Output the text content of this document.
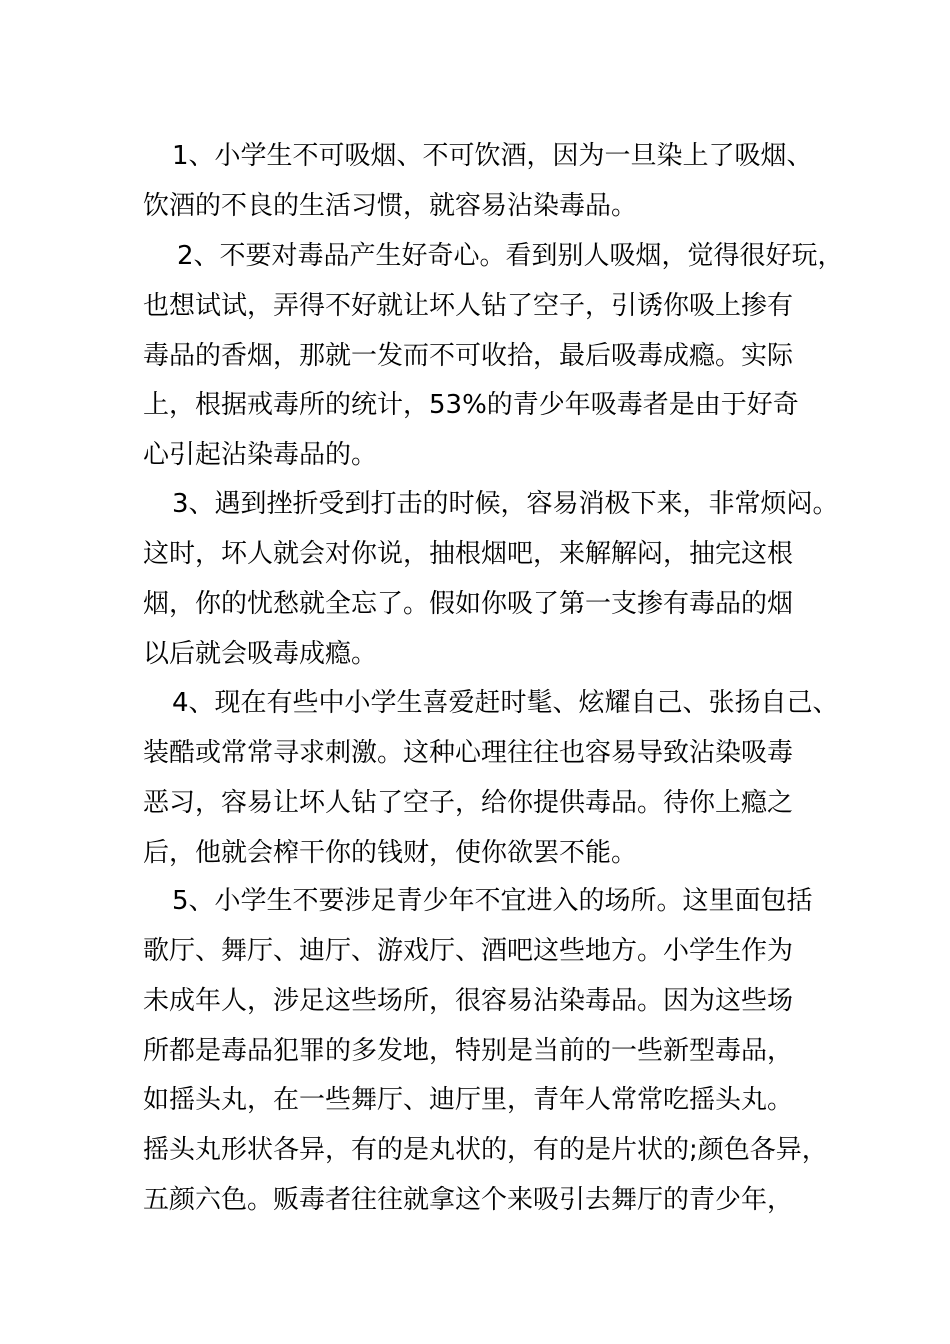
1、小学生不可吸烟、不可饮酒，因为一旦染上了吸烟、
饮酒的不良的生活习惯，就容易沾染毒品。
2、不要对毒品产生好奇心。看到别人吸烟，觉得很好玩，
也想试试，弄得不好就让坏人钻了空子，引诱你吸上掺有
毒品的香烟，那就一发而不可收拾，最后吸毒成瘾。实际
上，根据戒毒所的统计，53%的青少年吸毒者是由于好奇
心引起沾染毒品的。
3、遇到挫折受到打击的时候，容易消极下来，非常烦闷。
这时，坏人就会对你说，抽根烟吧，来解解闷，抽完这根
烟，你的忧愁就全忘了。假如你吸了第一支掺有毒品的烟
以后就会吸毒成瘾。
4、现在有些中小学生喜爱赶时髦、炫耀自己、张扬自己、
装酷或常常寻求刺激。这种心理往往也容易导致沾染吸毒
恶习，容易让坏人钻了空子，给你提供毒品。待你上瘾之
后，他就会榨干你的钱财，使你欲罢不能。
5、小学生不要涉足青少年不宜进入的场所。这里面包括
歌厅、舞厅、迪厅、游戏厅、酒吧这些地方。小学生作为
未成年人，涉足这些场所，很容易沾染毒品。因为这些场
所都是毒品犯罪的多发地，特别是当前的一些新型毒品，
如摇头丸，在一些舞厅、迪厅里，青年人常常吃摇头丸。
摇头丸形状各异，有的是丸状的，有的是片状的;颜色各异，
五颜六色。贩毒者往往就拿这个来吸引去舞厅的青少年，
